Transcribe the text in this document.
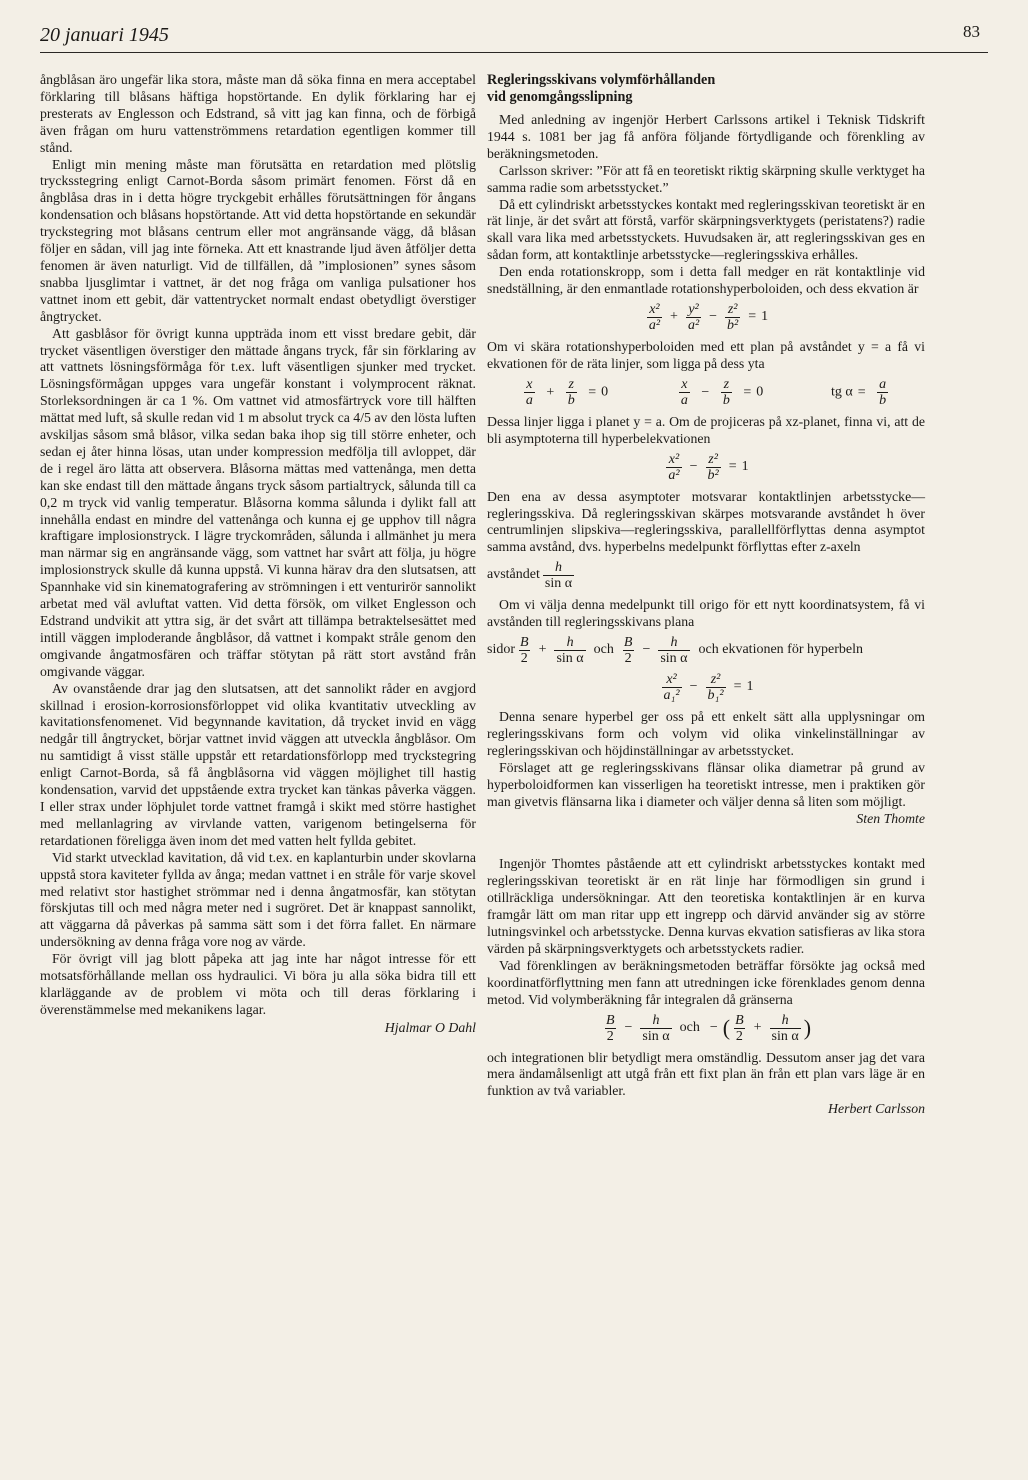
20 januari 1945	83

ångblåsan äro ungefär lika stora, måste man då söka finna en mera acceptabel förklaring till blåsans häftiga hopstörtande. En dylik förklaring har ej presterats av Englesson och Edstrand, så vitt jag kan finna, och de förbigå även frågan om huru vattenströmmens retardation egentligen kommer till stånd.

Enligt min mening måste man förutsätta en retardation med plötslig trycksstegring enligt Carnot-Borda såsom primärt fenomen. Först då en ångblåsa dras in i detta högre tryckgebit erhålles förutsättningen för ångans kondensation och blåsans hopstörtande. Att vid detta hopstörtande en sekundär tryckstegring mot blåsans centrum eller mot angränsande vägg, då blåsan följer en sådan, vill jag inte förneka. Att ett knastrande ljud även åtföljer detta fenomen är även naturligt. Vid de tillfällen, då ”implosionen” synes såsom snabba ljusglimtar i vattnet, är det nog fråga om vanliga pulsationer hos vattnet inom ett gebit, där vattentrycket normalt endast obetydligt överstiger ångtrycket.

Att gasblåsor för övrigt kunna uppträda inom ett visst bredare gebit, där trycket väsentligen överstiger den mättade ångans tryck, får sin förklaring av att vattnets lösningsförmåga för t.ex. luft väsentligen sjunker med trycket. Lösningsförmågan uppges vara ungefär konstant i volymprocent räknat. Storleksordningen är ca 1 %. Om vattnet vid atmosfärtryck vore till hälften mättat med luft, så skulle redan vid 1 m absolut tryck ca 4/5 av den lösta luften avskiljas såsom små blåsor, vilka sedan baka ihop sig till större enheter, och sedan ej åter hinna lösas, utan under kompression medfölja till avloppet, där de i regel äro lätta att observera. Blåsorna mättas med vattenånga, men detta kan ske endast till den mättade ångans tryck såsom partialtryck, sålunda till ca 0,2 m tryck vid vanlig temperatur. Blåsorna komma sålunda i dylikt fall att innehålla endast en mindre del vattenånga och kunna ej ge upphov till några kraftigare implosionstryck. I lägre tryckområden, sålunda i allmänhet ju mera man närmar sig en angränsande vägg, som vattnet har svårt att följa, ju högre implosionstryck skulle då kunna uppstå. Vi kunna härav dra den slutsatsen, att Spannhake vid sin kinematografering av strömningen i ett venturirör sannolikt arbetat med väl avluftat vatten. Vid detta försök, om vilket Englesson och Edstrand undvikit att yttra sig, är det svårt att tillämpa betraktelsesättet med intill väggen imploderande ångblåsor, då vattnet i kompakt stråle genom den omgivande ångatmosfären och träffar stötytan på rätt stort avstånd från omgivande väggar.

Av ovanstående drar jag den slutsatsen, att det sannolikt råder en avgjord skillnad i erosion-korrosionsförloppet vid olika kvantitativ utveckling av kavitationsfenomenet. Vid begynnande kavitation, då trycket invid en vägg nedgår till ångtrycket, börjar vattnet invid väggen att utveckla ångblåsor. Om nu samtidigt å visst ställe uppstår ett retardationsförlopp med tryckstegring enligt Carnot-Borda, så få ångblåsorna vid väggen möjlighet till hastig kondensation, varvid det uppstående extra trycket kan tänkas påverka väggen. I eller strax under löphjulet torde vattnet framgå i skikt med större hastighet med mellanlagring av virvlande vatten, varigenom betingelserna för retardationen föreligga även inom det med vatten helt fyllda gebitet.

Vid starkt utvecklad kavitation, då vid t.ex. en kaplanturbin under skovlarna uppstå stora kaviteter fyllda av ånga; medan vattnet i en stråle för varje skovel med relativt stor hastighet strömmar ned i denna ångatmosfär, kan stötytan förskjutas till och med några meter ned i sugröret. Det är knappast sannolikt, att väggarna då påverkas på samma sätt som i det förra fallet. En närmare undersökning av denna fråga vore nog av värde.

För övrigt vill jag blott påpeka att jag inte har något intresse för ett motsatsförhållande mellan oss hydraulici. Vi böra ju alla söka bidra till ett klarläggande av de problem vi möta och till deras förklaring i överenstämmelse med mekanikens lagar.

Hjalmar O Dahl
Regleringsskivans volymförhållanden
vid genomgångsslipning

Med anledning av ingenjör Herbert Carlssons artikel i Teknisk Tidskrift 1944 s. 1081 ber jag få anföra följande förtydligande och förenkling av beräkningsmetoden.

Carlsson skriver: ”För att få en teoretiskt riktig skärpning skulle verktyget ha samma radie som arbetsstycket.”

Då ett cylindriskt arbetsstyckes kontakt med regleringsskivan teoretiskt är en rät linje, är det svårt att förstå, varför skärpningsverktygets (peristatens?) radie skall vara lika med arbetsstyckets. Huvudsaken är, att regleringsskivan ges en sådan form, att kontaktlinje arbetsstycke—regleringsskiva erhålles.

Den enda rotationskropp, som i detta fall medger en rät kontaktlinje vid snedställning, är den enmantlade rotationshyperboloiden, och dess ekvation är

$\frac{\text{x²}}{\text{a²}} + \frac{\text{y²}}{\text{a²}} - \frac{\text{z²}}{\text{b²}} = 1$

Om vi skära rotationshyperboloiden med ett plan på avståndet y = a få vi ekvationen för de räta linjer, som ligga på dess yta

$\frac{x}{a} + \frac{z}{b} = 0$	$\frac{x}{a} - \frac{z}{b} = 0$	tg $\alpha = \frac{a}{b}$

Dessa linjer ligga i planet y = a. Om de projiceras på xz-planet, finna vi, att de bli asymptoterna till hyperbelekvationen

$\frac{\text{x²}}{\text{a²}} - \frac{\text{z²}}{\text{b²}} = 1$

Den ena av dessa asymptoter motsvarar kontaktlinjen arbetsstycke—regleringsskiva. Då regleringsskivan skärpes motsvarande avståndet h över centrumlinjen slipskiva—regleringsskiva, parallellförflyttas denna asymptot samma avstånd, dvs. hyperbelns medelpunkt förflyttas efter z-axeln

avståndet $\frac{h}{\text{sin α}}$

Om vi välja denna medelpunkt till origo för ett nytt koordinatsystem, få vi avstånden till regleringsskivans plana

sidor $\frac{B}{2} + \frac{h}{\text{sin α}}$ och $\frac{B}{2} - \frac{h}{\text{sin α}}$ och ekvationen för hyperbeln
$\frac{\text{x²}}{\text{a₁²}} - \frac{\text{z²}}{\text{b₁²}} = 1$

Denna senare hyperbel ger oss på ett enkelt sätt alla upplysningar om regleringsskivans form och volym vid olika vinkelinställningar av regleringsskivan och höjdinställningar av arbetsstycket.

Förslaget att ge regleringsskivans flänsar olika diametrar på grund av hyperboloidformen kan visserligen ha teoretiskt intresse, men i praktiken gör man givetvis flänsarna lika i diameter och väljer denna så liten som möjligt.

Sten Thomte

Ingenjör Thomtes påstående att ett cylindriskt arbetsstyckes kontakt med regleringsskivan teoretiskt är en rät linje har förmodligen sin grund i otillräckliga undersökningar. Att den teoretiska kontaktlinjen är en kurva framgår lätt om man ritar upp ett ingrepp och därvid använder sig av större lutningsvinkel och arbetsstycke. Denna kurvas ekvation satisfieras av lika stora värden på skärpningsverktygets och arbetsstyckets radier.

Vad förenklingen av beräkningsmetoden beträffar försökte jag också med koordinatförflyttning men fann att utredningen icke förenklades genom denna metod. Vid volymberäkning får integralen då gränserna

$\frac{B}{2} - \frac{h}{\text{sin α}}$ och − ( $\frac{B}{2} + \frac{h}{\text{sin α}}$ )

och integrationen blir betydligt mera omständlig. Dessutom anser jag det vara mera ändamålsenligt att utgå från ett fixt plan än från ett plan vars läge är en funktion av två variabler.
Herbert Carlsson
